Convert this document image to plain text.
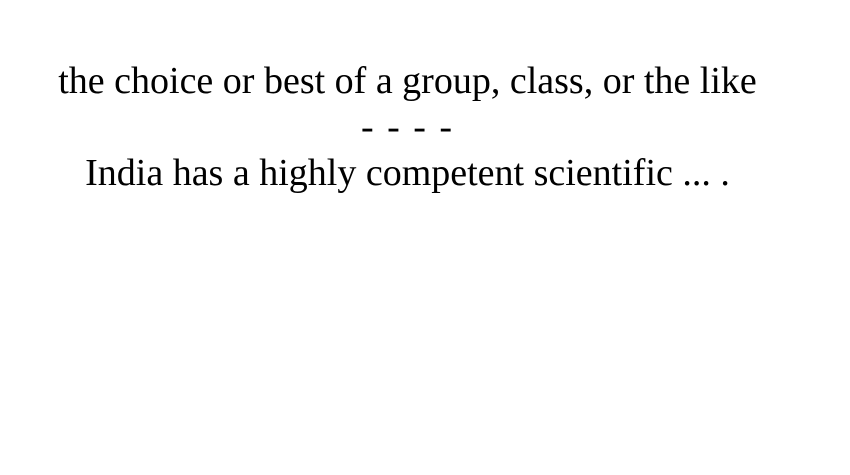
the choice or best of a group, class, or the like
- - - -
India has a highly competent scientific ... .
